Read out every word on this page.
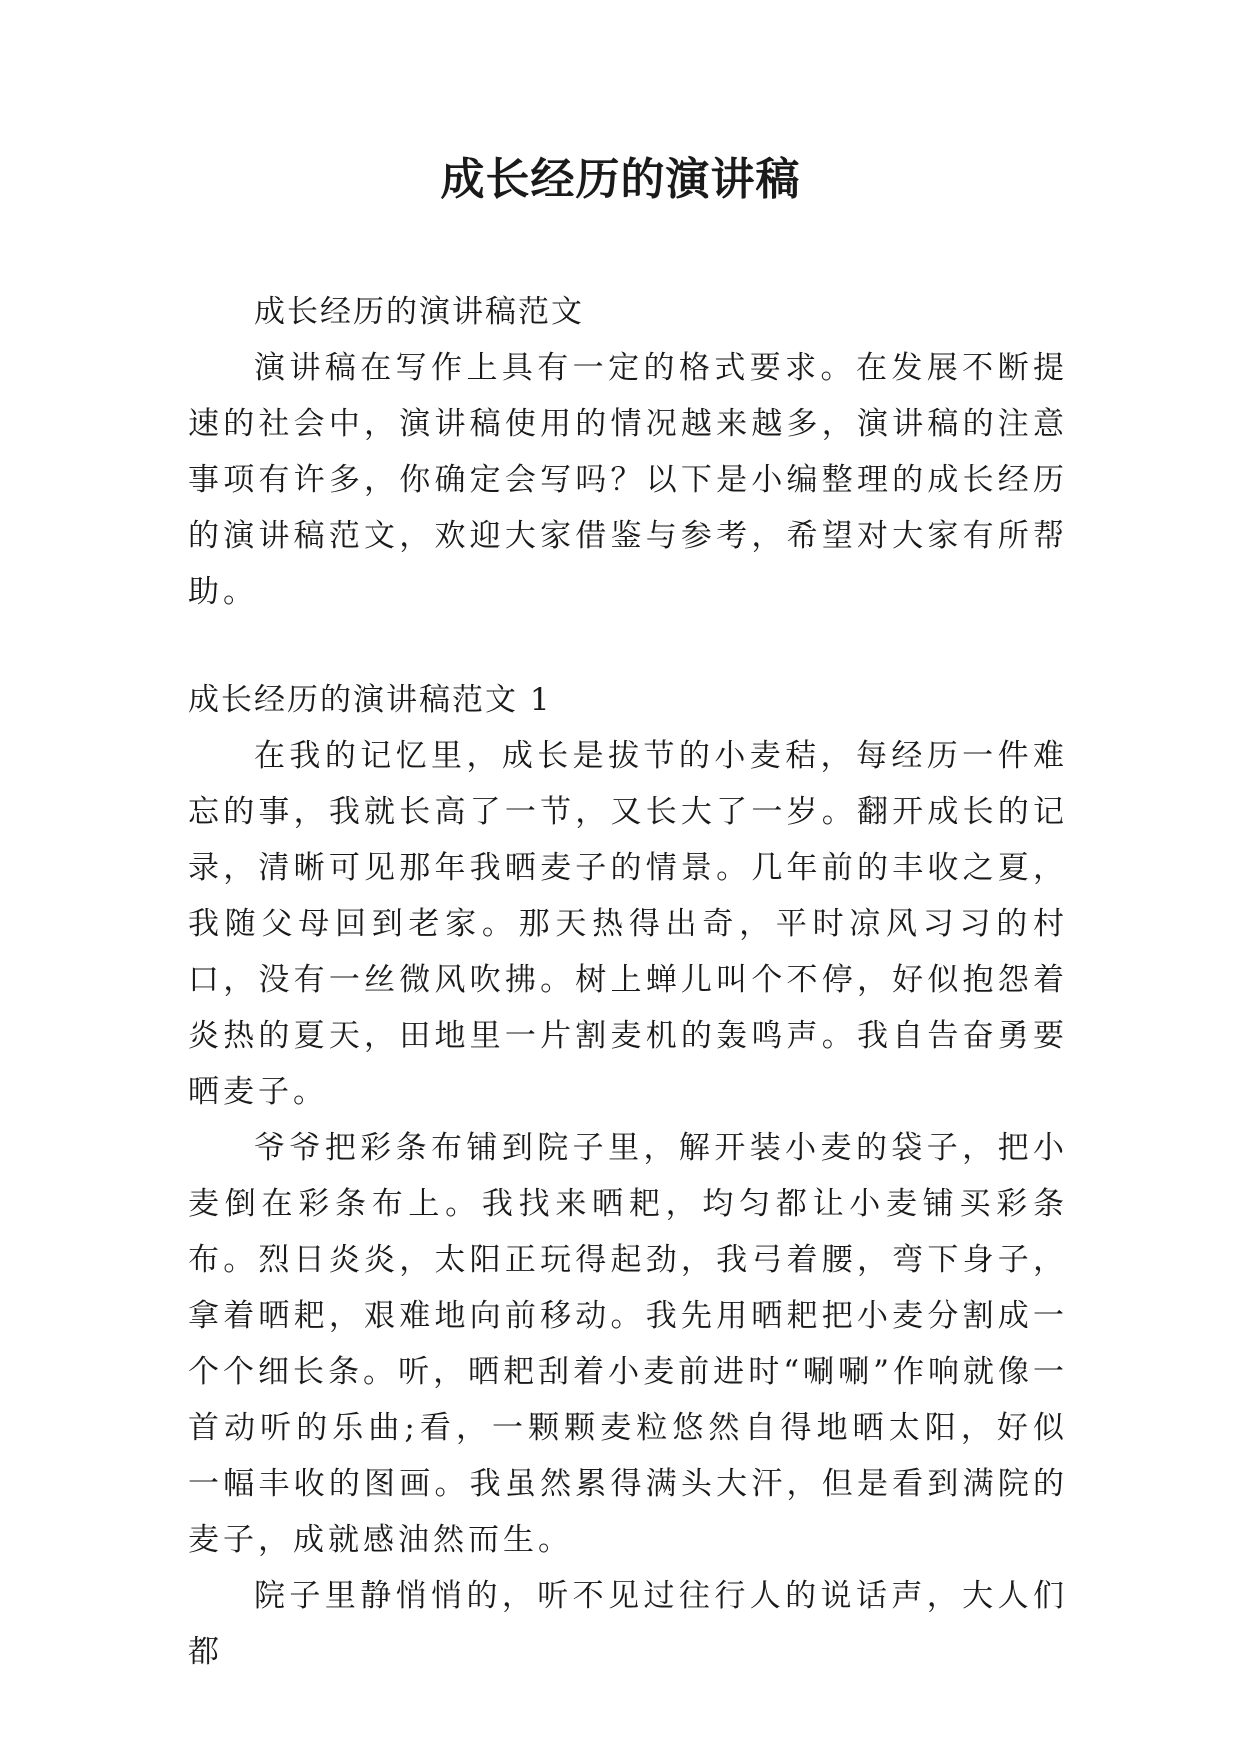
成长经历的演讲稿

成长经历的演讲稿范文

演讲稿在写作上具有一定的格式要求。在发展不断提速的社会中，演讲稿使用的情况越来越多，演讲稿的注意事项有许多，你确定会写吗？以下是小编整理的成长经历的演讲稿范文，欢迎大家借鉴与参考，希望对大家有所帮助。

成长经历的演讲稿范文 1

在我的记忆里，成长是拔节的小麦秸，每经历一件难忘的事，我就长高了一节，又长大了一岁。翻开成长的记录，清晰可见那年我晒麦子的情景。几年前的丰收之夏，我随父母回到老家。那天热得出奇，平时凉风习习的村口，没有一丝微风吹拂。树上蝉儿叫个不停，好似抱怨着炎热的夏天，田地里一片割麦机的轰鸣声。我自告奋勇要晒麦子。

爷爷把彩条布铺到院子里，解开装小麦的袋子，把小麦倒在彩条布上。我找来晒耙，均匀都让小麦铺买彩条布。烈日炎炎，太阳正玩得起劲，我弓着腰，弯下身子，拿着晒耙，艰难地向前移动。我先用晒耙把小麦分割成一个个细长条。听，晒耙刮着小麦前进时“唰唰”作响就像一首动听的乐曲;看，一颗颗麦粒悠然自得地晒太阳，好似一幅丰收的图画。我虽然累得满头大汗，但是看到满院的麦子，成就感油然而生。

院子里静悄悄的，听不见过往行人的说话声，大人们都
